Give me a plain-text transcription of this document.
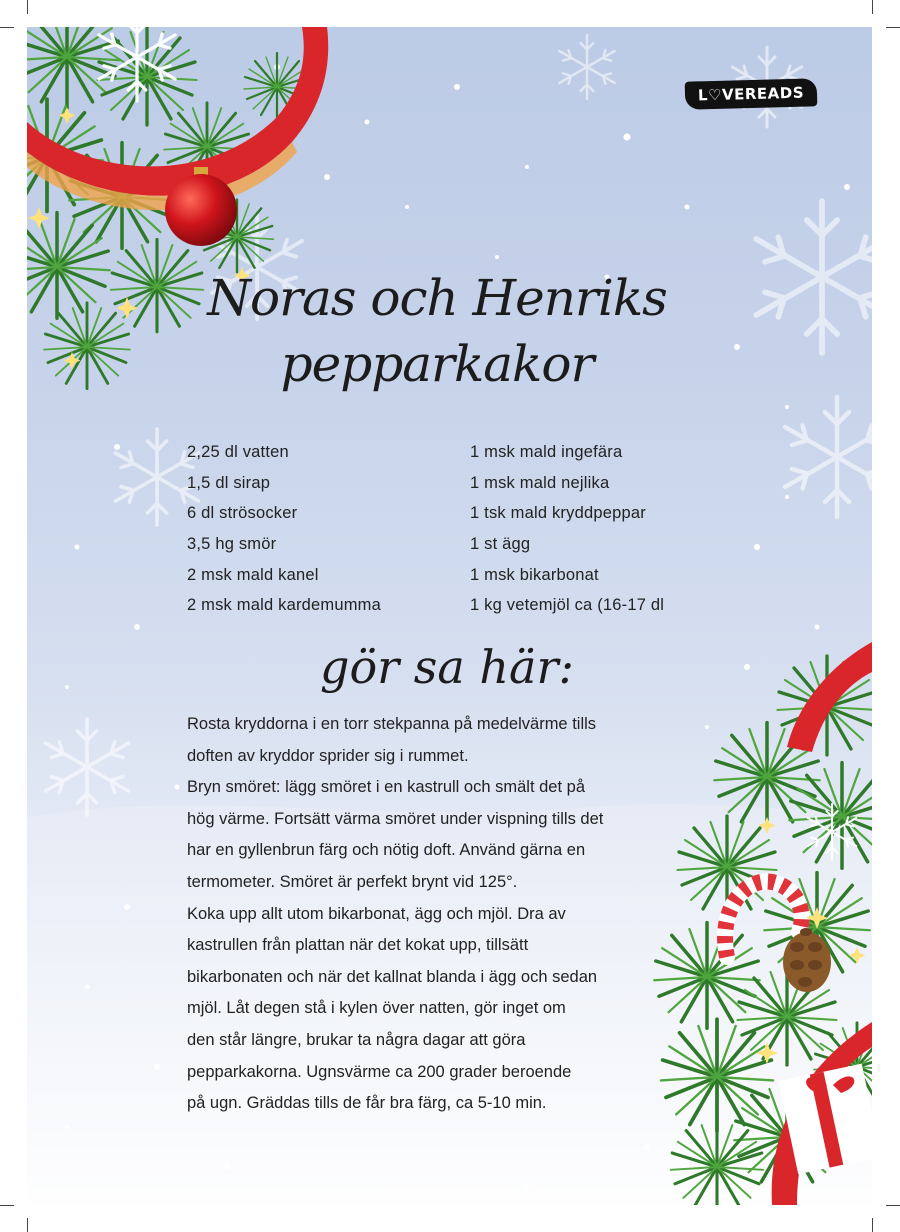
L♡VEREADS
Noras och Henriks
pepparkakor
2,25 dl vatten
1,5 dl sirap
6 dl strösocker
3,5 hg smör
2 msk mald kanel
2 msk mald kardemumma
1 msk mald ingefära
1 msk mald nejlika
1 tsk mald kryddpeppar
1 st ägg
1 msk bikarbonat
1 kg vetemjöl ca (16-17 dl
gör sa här:
Rosta kryddorna i en torr stekpanna på medelvärme tills
doften av kryddor sprider sig i rummet.
Bryn smöret: lägg smöret i en kastrull och smält det på
hög värme. Fortsätt värma smöret under vispning tills det
har en gyllenbrun färg och nötig doft. Använd gärna en
termometer. Smöret är perfekt brynt vid 125°.
Koka upp allt utom bikarbonat, ägg och mjöl. Dra av
kastrullen från plattan när det kokat upp, tillsätt
bikarbonaten och när det kallnat blanda i ägg och sedan
mjöl. Låt degen stå i kylen över natten, gör inget om
den står längre, brukar ta några dagar att göra
pepparkakorna. Ugnsvärme ca 200 grader beroende
på ugn. Gräddas tills de får bra färg, ca 5-10 min.
